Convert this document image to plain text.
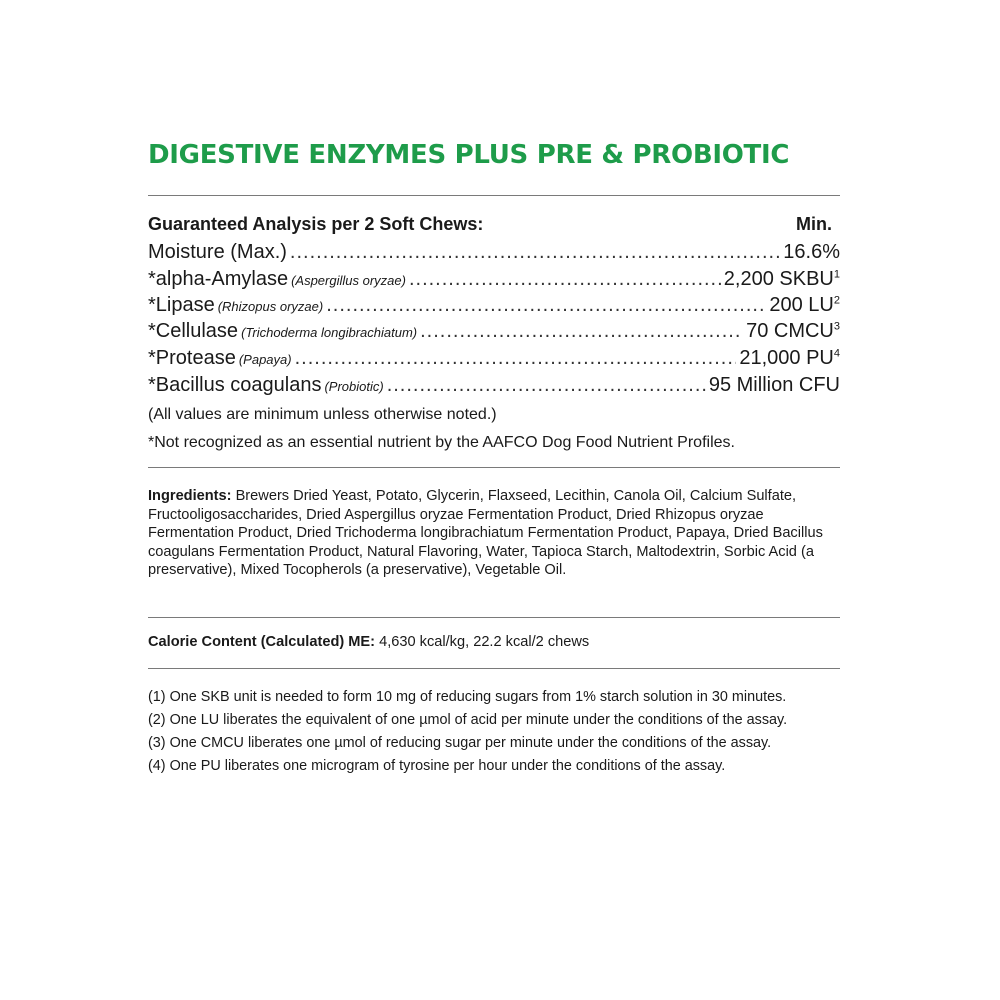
DIGESTIVE ENZYMES PLUS PRE & PROBIOTIC
Guaranteed Analysis per 2 Soft Chews:	Min.
Moisture (Max.) .....	16.6%
*alpha-Amylase (Aspergillus oryzae) .....	2,200 SKBU$^1$
*Lipase (Rhizopus oryzae) .....	200 $LU^2$
*Cellulase (Trichoderma longibrachiatum) .....	70 CMCU$^3$
*Protease (Papaya) .....	21,000 $PU^4$
*Bacillus coagulans (Probiotic) .....	95 Million CFU
(All values are minimum unless otherwise noted.)
*Not recognized as an essential nutrient by the AAFCO Dog Food Nutrient Profiles.
Ingredients: Brewers Dried Yeast, Potato, Glycerin, Flaxseed, Lecithin, Canola Oil, Calcium Sulfate, Fructooligosaccharides, Dried Aspergillus oryzae Fermentation Product, Dried Rhizopus oryzae Fermentation Product, Dried Trichoderma longibrachiatum Fermentation Product, Papaya, Dried Bacillus coagulans Fermentation Product, Natural Flavoring, Water, Tapioca Starch, Maltodextrin, Sorbic Acid (a preservative), Mixed Tocopherols (a preservative), Vegetable Oil.
Calorie Content (Calculated) ME: 4,630 kcal/kg, 22.2 kcal/2 chews
(1) One SKB unit is needed to form 10 mg of reducing sugars from 1% starch solution in 30 minutes.
(2) One LU liberates the equivalent of one µmol of acid per minute under the conditions of the assay.
(3) One CMCU liberates one µmol of reducing sugar per minute under the conditions of the assay.
(4) One PU liberates one microgram of tyrosine per hour under the conditions of the assay.
